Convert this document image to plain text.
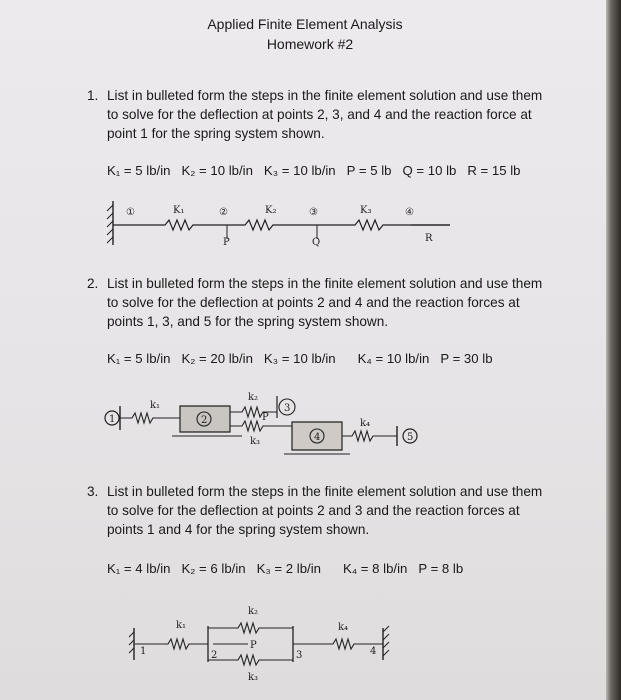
Applied Finite Element Analysis
Homework #2
1. List in bulleted form the steps in the finite element solution and use them to solve for the deflection at points 2, 3, and 4 and the reaction force at point 1 for the spring system shown.
K₁ = 5 lb/in   K₂ = 10 lb/in   K₃ = 10 lb/in   P = 5 lb   Q = 10 lb   R = 15 lb
①	K₁	②	K₂	③	K₃	④
P	Q	R
2. List in bulleted form the steps in the finite element solution and use them to solve for the deflection at points 2 and 4 and the reaction forces at points 1, 3, and 5 for the spring system shown.
K₁ = 5 lb/in   K₂ = 20 lb/in   K₃ = 10 lb/in      K₄ = 10 lb/in   P = 30 lb
1
k₁
2
k₂
3
P
k₃	4
k₄
5
3. List in bulleted form the steps in the finite element solution and use them to solve for the deflection at points 2 and 3 and the reaction forces at points 1 and 4 for the spring system shown.
K₁ = 4 lb/in   K₂ = 6 lb/in   K₃ = 2 lb/in      K₄ = 8 lb/in   P = 8 lb
1
k₁
2
k₂
P
k₃
3
k₄
4
